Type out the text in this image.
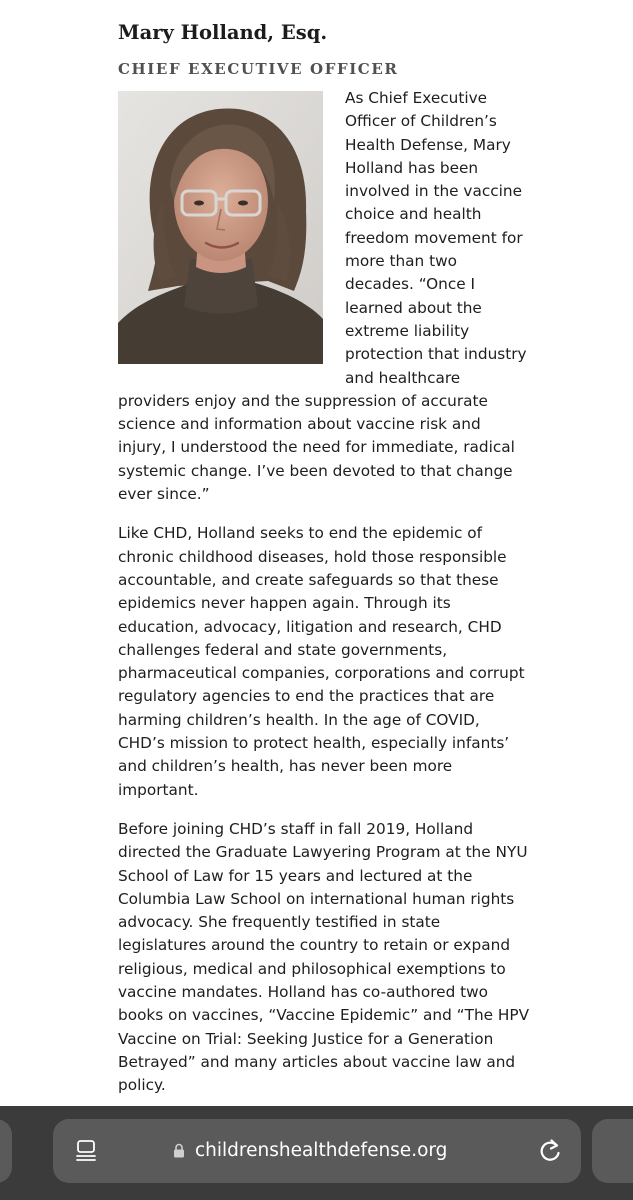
Mary Holland, Esq.
CHIEF EXECUTIVE OFFICER

As Chief Executive Officer of Children’s Health Defense, Mary Holland has been involved in the vaccine choice and health freedom movement for more than two decades. “Once I learned about the extreme liability protection that industry and healthcare providers enjoy and the suppression of accurate science and information about vaccine risk and injury, I understood the need for immediate, radical systemic change. I’ve been devoted to that change ever since.”

Like CHD, Holland seeks to end the epidemic of chronic childhood diseases, hold those responsible accountable, and create safeguards so that these epidemics never happen again. Through its education, advocacy, litigation and research, CHD challenges federal and state governments, pharmaceutical companies, corporations and corrupt regulatory agencies to end the practices that are harming children’s health. In the age of COVID, CHD’s mission to protect health, especially infants’ and children’s health, has never been more important.

Before joining CHD’s staff in fall 2019, Holland directed the Graduate Lawyering Program at the NYU School of Law for 15 years and lectured at the Columbia Law School on international human rights advocacy. She frequently testified in state legislatures around the country to retain or expand religious, medical and philosophical exemptions to vaccine mandates. Holland has co-authored two books on vaccines, “Vaccine Epidemic” and “The HPV Vaccine on Trial: Seeking Justice for a Generation Betrayed” and many articles about vaccine law and policy.

childrenshealthdefense.org
